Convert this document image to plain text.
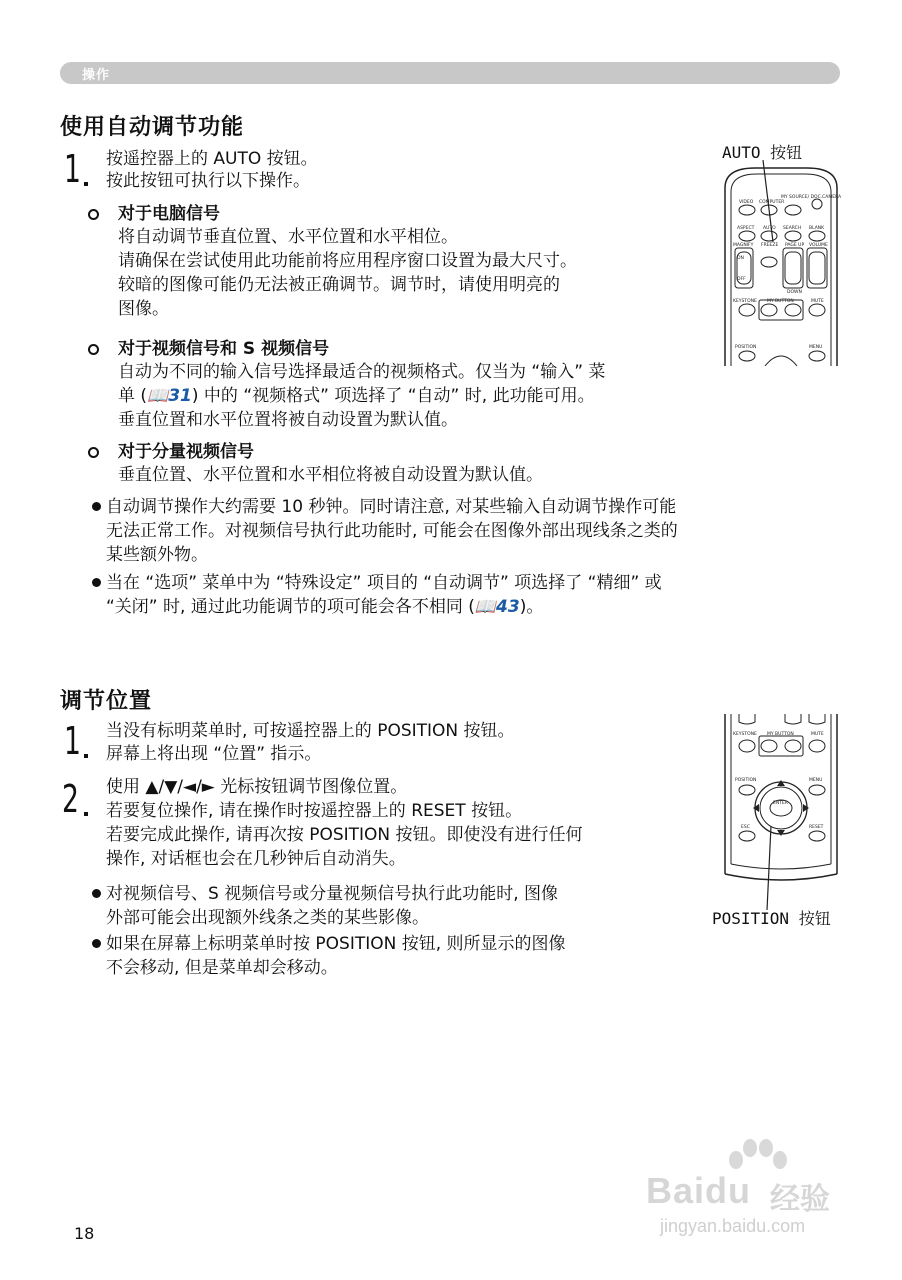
操作
使用自动调节功能
1 按遥控器上的 AUTO 按钮。
按此按钮可执行以下操作。
对于电脑信号
将自动调节垂直位置、水平位置和水平相位。
请确保在尝试使用此功能前将应用程序窗口设置为最大尺寸。
较暗的图像可能仍无法被正确调节。调节时，请使用明亮的
图像。
对于视频信号和 S 视频信号
自动为不同的输入信号选择最适合的视频格式。仅当为 “输入” 菜
单 (📖31) 中的 “视频格式” 项选择了 “自动” 时, 此功能可用。
垂直位置和水平位置将被自动设置为默认值。
对于分量视频信号
垂直位置、水平位置和水平相位将被自动设置为默认值。
自动调节操作大约需要 10 秒钟。同时请注意, 对某些输入自动调节操作可能
无法正常工作。对视频信号执行此功能时, 可能会在图像外部出现线条之类的
某些额外物。
当在 “选项” 菜单中为 “特殊设定” 项目的 “自动调节” 项选择了 “精细” 或
“关闭” 时, 通过此功能调节的项可能会各不相同 (📖43)。
AUTO 按钮
VIDEO COMPUTER
MY SOURCE/ DOC.CAMERA
ASPECT AUTO SEARCH BLANK
MAGNIFY
ON
OFF
FREEZE PAGE UP
DOWN
VOLUME
KEYSTONE MY BUTTON	MUTE
POSITION	MENU
调节位置
1 当没有标明菜单时, 可按遥控器上的 POSITION 按钮。
屏幕上将出现 “位置” 指示。
2 使用 ▲/▼/◄/► 光标按钮调节图像位置。
若要复位操作, 请在操作时按遥控器上的 RESET 按钮。
若要完成此操作, 请再次按 POSITION 按钮。即使没有进行任何
操作, 对话框也会在几秒钟后自动消失。
对视频信号、S 视频信号或分量视频信号执行此功能时, 图像
外部可能会出现额外线条之类的某些影像。
如果在屏幕上标明菜单时按 POSITION 按钮, 则所显示的图像
不会移动, 但是菜单却会移动。
KEYSTONE MY BUTTON	MUTE
POSITION	MENU
ENTER
ESC	RESET
POSITION 按钮
18
Baidu 经验
jingyan.baidu.com
